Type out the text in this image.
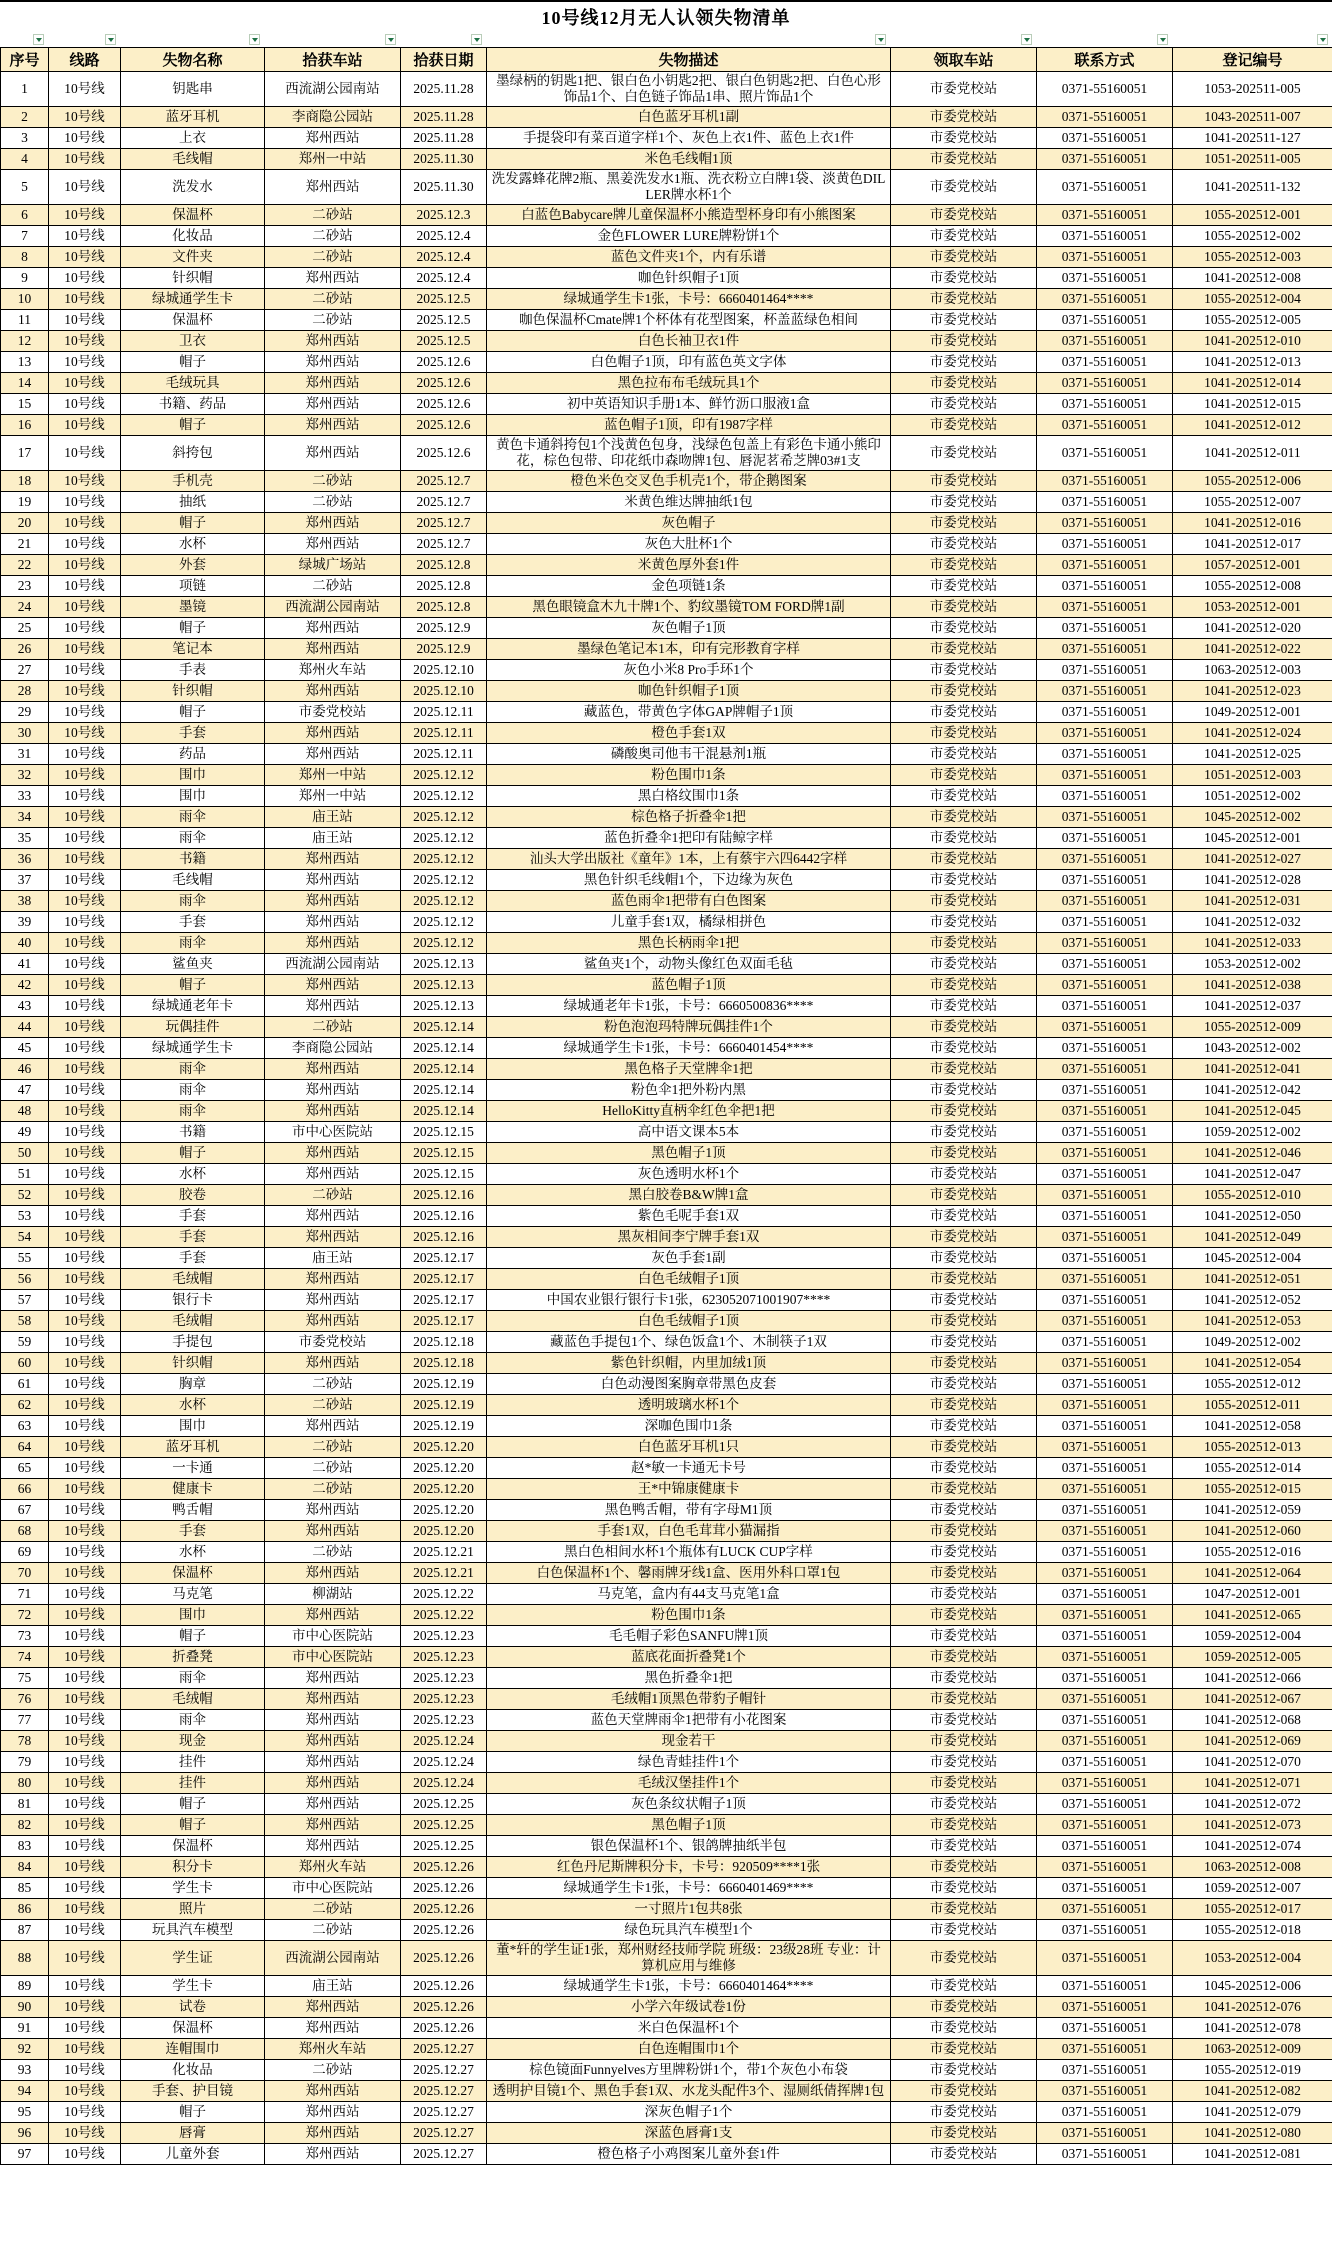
10号线12月无人认领失物清单
序号	线路	失物名称	拾获车站	拾获日期	失物描述	领取车站	联系方式	登记编号
1	10号线	钥匙串	西流湖公园南站	2025.11.28	墨绿柄的钥匙1把、银白色小钥匙2把、银白色钥匙2把、白色心形饰品1个、白色链子饰品1串、照片饰品1个	市委党校站	0371-55160051	1053-202511-005
2	10号线	蓝牙耳机	李商隐公园站	2025.11.28	白色蓝牙耳机1副	市委党校站	0371-55160051	1043-202511-007
3	10号线	上衣	郑州西站	2025.11.28	手提袋印有菜百道字样1个、灰色上衣1件、蓝色上衣1件	市委党校站	0371-55160051	1041-202511-127
4	10号线	毛线帽	郑州一中站	2025.11.30	米色毛线帽1顶	市委党校站	0371-55160051	1051-202511-005
5	10号线	洗发水	郑州西站	2025.11.30	洗发露蜂花牌2瓶、黑姜洗发水1瓶、洗衣粉立白牌1袋、淡黄色DILLER牌水杯1个	市委党校站	0371-55160051	1041-202511-132
6	10号线	保温杯	二砂站	2025.12.3	白蓝色Babycare牌儿童保温杯小熊造型杯身印有小熊图案	市委党校站	0371-55160051	1055-202512-001
7	10号线	化妆品	二砂站	2025.12.4	金色FLOWER LURE牌粉饼1个	市委党校站	0371-55160051	1055-202512-002
8	10号线	文件夹	二砂站	2025.12.4	蓝色文件夹1个，内有乐谱	市委党校站	0371-55160051	1055-202512-003
9	10号线	针织帽	郑州西站	2025.12.4	咖色针织帽子1顶	市委党校站	0371-55160051	1041-202512-008
10	10号线	绿城通学生卡	二砂站	2025.12.5	绿城通学生卡1张，卡号：6660401464****	市委党校站	0371-55160051	1055-202512-004
11	10号线	保温杯	二砂站	2025.12.5	咖色保温杯Cmate牌1个杯体有花型图案，杯盖蓝绿色相间	市委党校站	0371-55160051	1055-202512-005
12	10号线	卫衣	郑州西站	2025.12.5	白色长袖卫衣1件	市委党校站	0371-55160051	1041-202512-010
13	10号线	帽子	郑州西站	2025.12.6	白色帽子1顶，印有蓝色英文字体	市委党校站	0371-55160051	1041-202512-013
14	10号线	毛绒玩具	郑州西站	2025.12.6	黑色拉布布毛绒玩具1个	市委党校站	0371-55160051	1041-202512-014
15	10号线	书籍、药品	郑州西站	2025.12.6	初中英语知识手册1本、鲜竹沥口服液1盒	市委党校站	0371-55160051	1041-202512-015
16	10号线	帽子	郑州西站	2025.12.6	蓝色帽子1顶，印有1987字样	市委党校站	0371-55160051	1041-202512-012
17	10号线	斜挎包	郑州西站	2025.12.6	黄色卡通斜挎包1个浅黄色包身，浅绿色包盖上有彩色卡通小熊印花，棕色包带、印花纸巾森吻牌1包、唇泥茗希芝牌03#1支	市委党校站	0371-55160051	1041-202512-011
18	10号线	手机壳	二砂站	2025.12.7	橙色米色交叉色手机壳1个，带企鹅图案	市委党校站	0371-55160051	1055-202512-006
19	10号线	抽纸	二砂站	2025.12.7	米黄色维达牌抽纸1包	市委党校站	0371-55160051	1055-202512-007
20	10号线	帽子	郑州西站	2025.12.7	灰色帽子	市委党校站	0371-55160051	1041-202512-016
21	10号线	水杯	郑州西站	2025.12.7	灰色大肚杯1个	市委党校站	0371-55160051	1041-202512-017
22	10号线	外套	绿城广场站	2025.12.8	米黄色厚外套1件	市委党校站	0371-55160051	1057-202512-001
23	10号线	项链	二砂站	2025.12.8	金色项链1条	市委党校站	0371-55160051	1055-202512-008
24	10号线	墨镜	西流湖公园南站	2025.12.8	黑色眼镜盒木九十牌1个、豹纹墨镜TOM FORD牌1副	市委党校站	0371-55160051	1053-202512-001
25	10号线	帽子	郑州西站	2025.12.9	灰色帽子1顶	市委党校站	0371-55160051	1041-202512-020
26	10号线	笔记本	郑州西站	2025.12.9	墨绿色笔记本1本，印有完形教育字样	市委党校站	0371-55160051	1041-202512-022
27	10号线	手表	郑州火车站	2025.12.10	灰色小米8 Pro手环1个	市委党校站	0371-55160051	1063-202512-003
28	10号线	针织帽	郑州西站	2025.12.10	咖色针织帽子1顶	市委党校站	0371-55160051	1041-202512-023
29	10号线	帽子	市委党校站	2025.12.11	藏蓝色，带黄色字体GAP牌帽子1顶	市委党校站	0371-55160051	1049-202512-001
30	10号线	手套	郑州西站	2025.12.11	橙色手套1双	市委党校站	0371-55160051	1041-202512-024
31	10号线	药品	郑州西站	2025.12.11	磷酸奥司他韦干混悬剂1瓶	市委党校站	0371-55160051	1041-202512-025
32	10号线	围巾	郑州一中站	2025.12.12	粉色围巾1条	市委党校站	0371-55160051	1051-202512-003
33	10号线	围巾	郑州一中站	2025.12.12	黑白格纹围巾1条	市委党校站	0371-55160051	1051-202512-002
34	10号线	雨伞	庙王站	2025.12.12	棕色格子折叠伞1把	市委党校站	0371-55160051	1045-202512-002
35	10号线	雨伞	庙王站	2025.12.12	蓝色折叠伞1把印有陆鲸字样	市委党校站	0371-55160051	1045-202512-001
36	10号线	书籍	郑州西站	2025.12.12	汕头大学出版社《童年》1本，上有蔡宇六四6442字样	市委党校站	0371-55160051	1041-202512-027
37	10号线	毛线帽	郑州西站	2025.12.12	黑色针织毛线帽1个，下边缘为灰色	市委党校站	0371-55160051	1041-202512-028
38	10号线	雨伞	郑州西站	2025.12.12	蓝色雨伞1把带有白色图案	市委党校站	0371-55160051	1041-202512-031
39	10号线	手套	郑州西站	2025.12.12	儿童手套1双，橘绿相拼色	市委党校站	0371-55160051	1041-202512-032
40	10号线	雨伞	郑州西站	2025.12.12	黑色长柄雨伞1把	市委党校站	0371-55160051	1041-202512-033
41	10号线	鲨鱼夹	西流湖公园南站	2025.12.13	鲨鱼夹1个，动物头像红色双面毛毡	市委党校站	0371-55160051	1053-202512-002
42	10号线	帽子	郑州西站	2025.12.13	蓝色帽子1顶	市委党校站	0371-55160051	1041-202512-038
43	10号线	绿城通老年卡	郑州西站	2025.12.13	绿城通老年卡1张，卡号：6660500836****	市委党校站	0371-55160051	1041-202512-037
44	10号线	玩偶挂件	二砂站	2025.12.14	粉色泡泡玛特牌玩偶挂件1个	市委党校站	0371-55160051	1055-202512-009
45	10号线	绿城通学生卡	李商隐公园站	2025.12.14	绿城通学生卡1张，卡号：6660401454****	市委党校站	0371-55160051	1043-202512-002
46	10号线	雨伞	郑州西站	2025.12.14	黑色格子天堂牌伞1把	市委党校站	0371-55160051	1041-202512-041
47	10号线	雨伞	郑州西站	2025.12.14	粉色伞1把外粉内黑	市委党校站	0371-55160051	1041-202512-042
48	10号线	雨伞	郑州西站	2025.12.14	HelloKitty直柄伞红色伞把1把	市委党校站	0371-55160051	1041-202512-045
49	10号线	书籍	市中心医院站	2025.12.15	高中语文课本5本	市委党校站	0371-55160051	1059-202512-002
50	10号线	帽子	郑州西站	2025.12.15	黑色帽子1顶	市委党校站	0371-55160051	1041-202512-046
51	10号线	水杯	郑州西站	2025.12.15	灰色透明水杯1个	市委党校站	0371-55160051	1041-202512-047
52	10号线	胶卷	二砂站	2025.12.16	黑白胶卷B&W牌1盒	市委党校站	0371-55160051	1055-202512-010
53	10号线	手套	郑州西站	2025.12.16	紫色毛呢手套1双	市委党校站	0371-55160051	1041-202512-050
54	10号线	手套	郑州西站	2025.12.16	黑灰相间李宁牌手套1双	市委党校站	0371-55160051	1041-202512-049
55	10号线	手套	庙王站	2025.12.17	灰色手套1副	市委党校站	0371-55160051	1045-202512-004
56	10号线	毛绒帽	郑州西站	2025.12.17	白色毛绒帽子1顶	市委党校站	0371-55160051	1041-202512-051
57	10号线	银行卡	郑州西站	2025.12.17	中国农业银行银行卡1张，623052071001907****	市委党校站	0371-55160051	1041-202512-052
58	10号线	毛绒帽	郑州西站	2025.12.17	白色毛绒帽子1顶	市委党校站	0371-55160051	1041-202512-053
59	10号线	手提包	市委党校站	2025.12.18	藏蓝色手提包1个、绿色饭盒1个、木制筷子1双	市委党校站	0371-55160051	1049-202512-002
60	10号线	针织帽	郑州西站	2025.12.18	紫色针织帽，内里加绒1顶	市委党校站	0371-55160051	1041-202512-054
61	10号线	胸章	二砂站	2025.12.19	白色动漫图案胸章带黑色皮套	市委党校站	0371-55160051	1055-202512-012
62	10号线	水杯	二砂站	2025.12.19	透明玻璃水杯1个	市委党校站	0371-55160051	1055-202512-011
63	10号线	围巾	郑州西站	2025.12.19	深咖色围巾1条	市委党校站	0371-55160051	1041-202512-058
64	10号线	蓝牙耳机	二砂站	2025.12.20	白色蓝牙耳机1只	市委党校站	0371-55160051	1055-202512-013
65	10号线	一卡通	二砂站	2025.12.20	赵*敏一卡通无卡号	市委党校站	0371-55160051	1055-202512-014
66	10号线	健康卡	二砂站	2025.12.20	王*中锦康健康卡	市委党校站	0371-55160051	1055-202512-015
67	10号线	鸭舌帽	郑州西站	2025.12.20	黑色鸭舌帽，带有字母M1顶	市委党校站	0371-55160051	1041-202512-059
68	10号线	手套	郑州西站	2025.12.20	手套1双，白色毛茸茸小猫漏指	市委党校站	0371-55160051	1041-202512-060
69	10号线	水杯	二砂站	2025.12.21	黑白色相间水杯1个瓶体有LUCK CUP字样	市委党校站	0371-55160051	1055-202512-016
70	10号线	保温杯	郑州西站	2025.12.21	白色保温杯1个、馨雨牌牙线1盒、医用外科口罩1包	市委党校站	0371-55160051	1041-202512-064
71	10号线	马克笔	柳湖站	2025.12.22	马克笔，盒内有44支马克笔1盒	市委党校站	0371-55160051	1047-202512-001
72	10号线	围巾	郑州西站	2025.12.22	粉色围巾1条	市委党校站	0371-55160051	1041-202512-065
73	10号线	帽子	市中心医院站	2025.12.23	毛毛帽子彩色SANFU牌1顶	市委党校站	0371-55160051	1059-202512-004
74	10号线	折叠凳	市中心医院站	2025.12.23	蓝底花面折叠凳1个	市委党校站	0371-55160051	1059-202512-005
75	10号线	雨伞	郑州西站	2025.12.23	黑色折叠伞1把	市委党校站	0371-55160051	1041-202512-066
76	10号线	毛绒帽	郑州西站	2025.12.23	毛绒帽1顶黑色带豹子帽针	市委党校站	0371-55160051	1041-202512-067
77	10号线	雨伞	郑州西站	2025.12.23	蓝色天堂牌雨伞1把带有小花图案	市委党校站	0371-55160051	1041-202512-068
78	10号线	现金	郑州西站	2025.12.24	现金若干	市委党校站	0371-55160051	1041-202512-069
79	10号线	挂件	郑州西站	2025.12.24	绿色青蛙挂件1个	市委党校站	0371-55160051	1041-202512-070
80	10号线	挂件	郑州西站	2025.12.24	毛绒汉堡挂件1个	市委党校站	0371-55160051	1041-202512-071
81	10号线	帽子	郑州西站	2025.12.25	灰色条纹状帽子1顶	市委党校站	0371-55160051	1041-202512-072
82	10号线	帽子	郑州西站	2025.12.25	黑色帽子1顶	市委党校站	0371-55160051	1041-202512-073
83	10号线	保温杯	郑州西站	2025.12.25	银色保温杯1个、银鸽牌抽纸半包	市委党校站	0371-55160051	1041-202512-074
84	10号线	积分卡	郑州火车站	2025.12.26	红色丹尼斯牌积分卡，卡号：920509****1张	市委党校站	0371-55160051	1063-202512-008
85	10号线	学生卡	市中心医院站	2025.12.26	绿城通学生卡1张，卡号：6660401469****	市委党校站	0371-55160051	1059-202512-007
86	10号线	照片	二砂站	2025.12.26	一寸照片1包共8张	市委党校站	0371-55160051	1055-202512-017
87	10号线	玩具汽车模型	二砂站	2025.12.26	绿色玩具汽车模型1个	市委党校站	0371-55160051	1055-202512-018
88	10号线	学生证	西流湖公园南站	2025.12.26	董*轩的学生证1张，郑州财经技师学院 班级：23级28班 专业：计算机应用与维修	市委党校站	0371-55160051	1053-202512-004
89	10号线	学生卡	庙王站	2025.12.26	绿城通学生卡1张，卡号：6660401464****	市委党校站	0371-55160051	1045-202512-006
90	10号线	试卷	郑州西站	2025.12.26	小学六年级试卷1份	市委党校站	0371-55160051	1041-202512-076
91	10号线	保温杯	郑州西站	2025.12.26	米白色保温杯1个	市委党校站	0371-55160051	1041-202512-078
92	10号线	连帽围巾	郑州火车站	2025.12.27	白色连帽围巾1个	市委党校站	0371-55160051	1063-202512-009
93	10号线	化妆品	二砂站	2025.12.27	棕色镜面Funnyelves方里牌粉饼1个，带1个灰色小布袋	市委党校站	0371-55160051	1055-202512-019
94	10号线	手套、护目镜	郑州西站	2025.12.27	透明护目镜1个、黑色手套1双、水龙头配件3个、湿厕纸倩挥牌1包	市委党校站	0371-55160051	1041-202512-082
95	10号线	帽子	郑州西站	2025.12.27	深灰色帽子1个	市委党校站	0371-55160051	1041-202512-079
96	10号线	唇膏	郑州西站	2025.12.27	深蓝色唇膏1支	市委党校站	0371-55160051	1041-202512-080
97	10号线	儿童外套	郑州西站	2025.12.27	橙色格子小鸡图案儿童外套1件	市委党校站	0371-55160051	1041-202512-081
